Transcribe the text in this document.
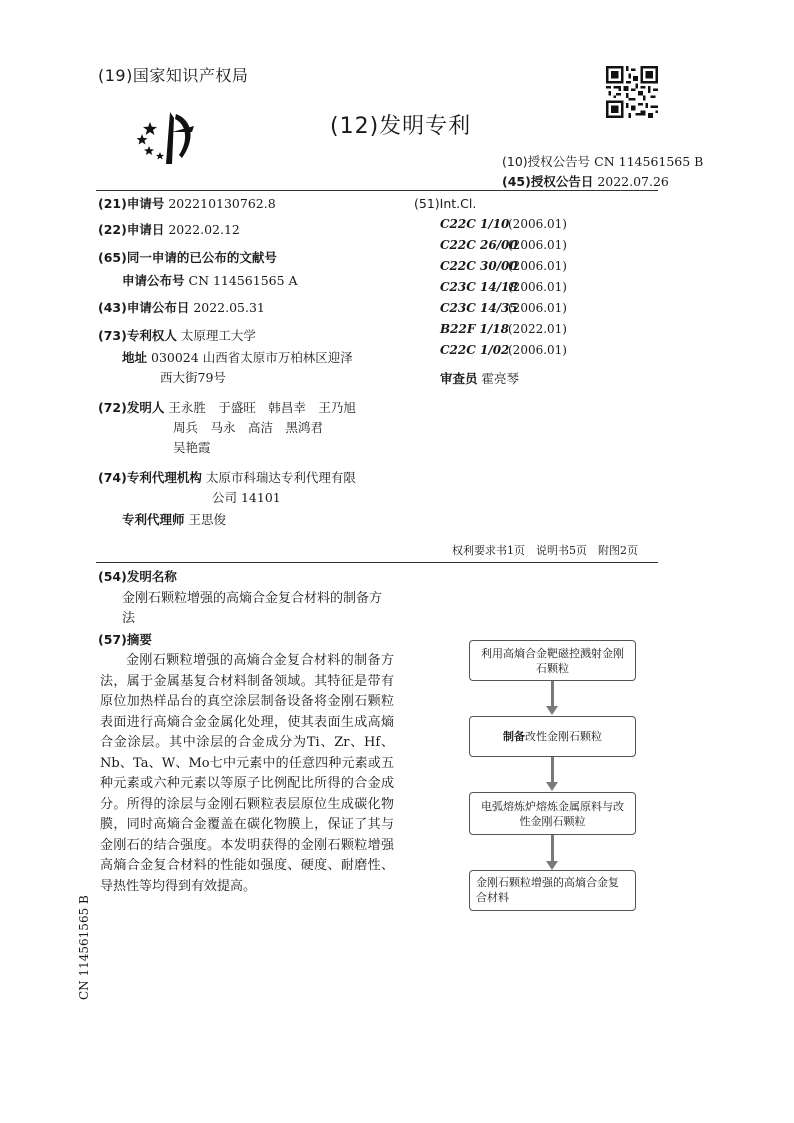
(19)国家知识产权局
(12)发明专利
(10)授权公告号 CN 114561565 B
(45)授权公告日 2022.07.26
(21)申请号 202210130762.8
(22)申请日 2022.02.12
(65)同一申请的已公布的文献号
申请公布号 CN 114561565 A
(43)申请公布日 2022.05.31
(73)专利权人 太原理工大学
地址 030024 山西省太原市万柏林区迎泽
西大街79号
(72)发明人 王永胜　于盛旺　韩昌幸　王乃旭
周兵　马永　高洁　黑鸿君
吴艳霞
(74)专利代理机构 太原市科瑞达专利代理有限
公司 14101
专利代理师 王思俊
(51)Int.Cl.
C22C 1/10(2006.01)
C22C 26/00(2006.01)
C22C 30/00(2006.01)
C23C 14/18(2006.01)
C23C 14/35(2006.01)
B22F 1/18(2022.01)
C22C 1/02(2006.01)
审查员 霍亮琴
权利要求书1页　说明书5页　附图2页
(54)发明名称
金刚石颗粒增强的高熵合金复合材料的制备方法
(57)摘要

金刚石颗粒增强的高熵合金复合材料的制备方法，属于金属基复合材料制备领域。其特征是带有原位加热样品台的真空涂层制备设备将金刚石颗粒表面进行高熵合金金属化处理，使其表面生成高熵合金涂层。其中涂层的合金成分为Ti、Zr、Hf、Nb、Ta、W、Mo七中元素中的任意四种元素或五种元素或六种元素以等原子比例配比所得的合金成分。所得的涂层与金刚石颗粒表层原位生成碳化物膜，同时高熵合金覆盖在碳化物膜上，保证了其与金刚石的结合强度。本发明获得的金刚石颗粒增强高熵合金复合材料的性能如强度、硬度、耐磨性、导热性等均得到有效提高。

利用高熵合金靶磁控溅射金刚石颗粒
制备 改性金刚石颗粒
电弧熔炼炉熔炼金属原料与改性金刚石颗粒
金刚石颗粒增强的高熵合金复合材料
CN 114561565 B
